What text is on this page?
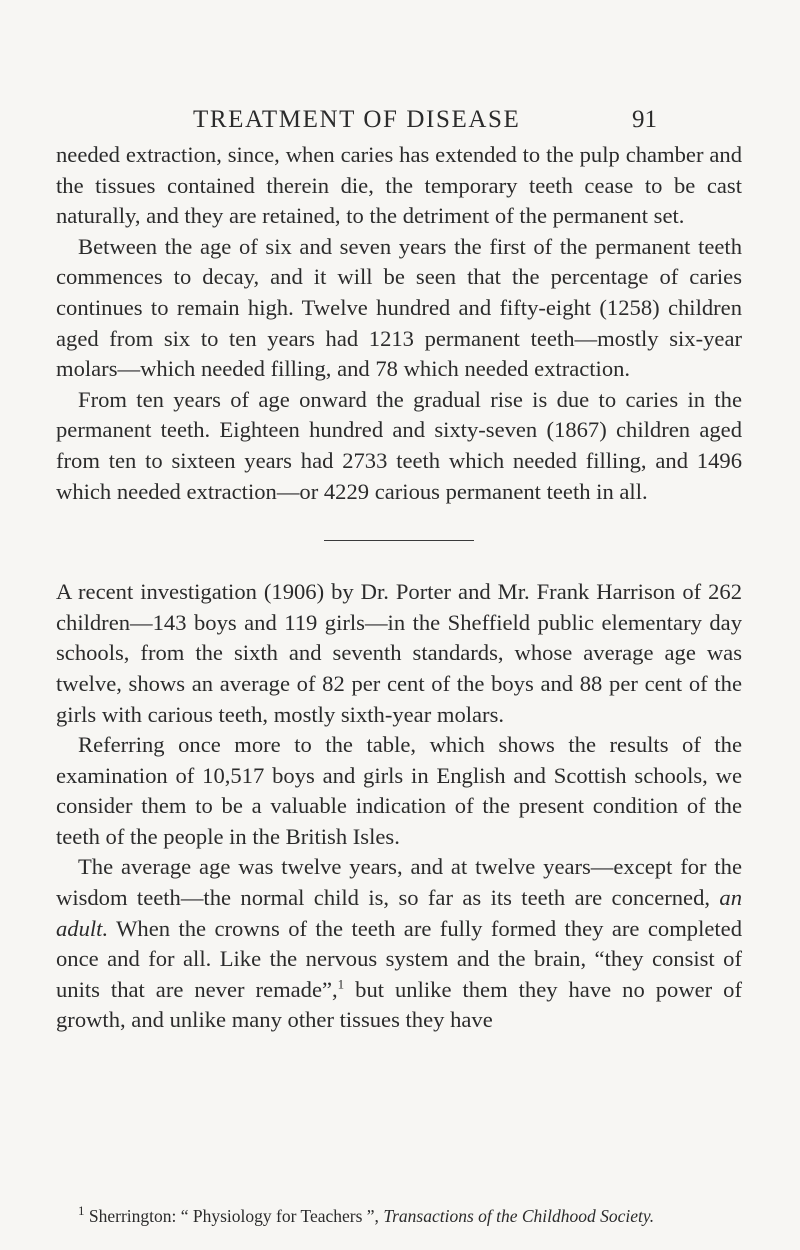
TREATMENT OF DISEASE	91

needed extraction, since, when caries has extended to the pulp chamber and the tissues contained therein die, the temporary teeth cease to be cast naturally, and they are retained, to the detriment of the permanent set.

Between the age of six and seven years the first of the permanent teeth commences to decay, and it will be seen that the percentage of caries continues to remain high. Twelve hundred and fifty-eight (1258) children aged from six to ten years had 1213 permanent teeth—mostly six-year molars—which needed filling, and 78 which needed extraction.

From ten years of age onward the gradual rise is due to caries in the permanent teeth. Eighteen hundred and sixty-seven (1867) children aged from ten to sixteen years had 2733 teeth which needed filling, and 1496 which needed extraction—or 4229 carious permanent teeth in all.

A recent investigation (1906) by Dr. Porter and Mr. Frank Harrison of 262 children—143 boys and 119 girls—in the Sheffield public elementary day schools, from the sixth and seventh standards, whose average age was twelve, shows an average of 82 per cent of the boys and 88 per cent of the girls with carious teeth, mostly sixth-year molars.

Referring once more to the table, which shows the results of the examination of 10,517 boys and girls in English and Scottish schools, we consider them to be a valuable indication of the present condition of the teeth of the people in the British Isles.

The average age was twelve years, and at twelve years—except for the wisdom teeth—the normal child is, so far as its teeth are concerned, an adult. When the crowns of the teeth are fully formed they are completed once and for all. Like the nervous system and the brain, “they consist of units that are never remade”,$^1$ but unlike them they have no power of growth, and unlike many other tissues they have

$^1$ Sherrington: “ Physiology for Teachers ”, Transactions of the Childhood Society.
